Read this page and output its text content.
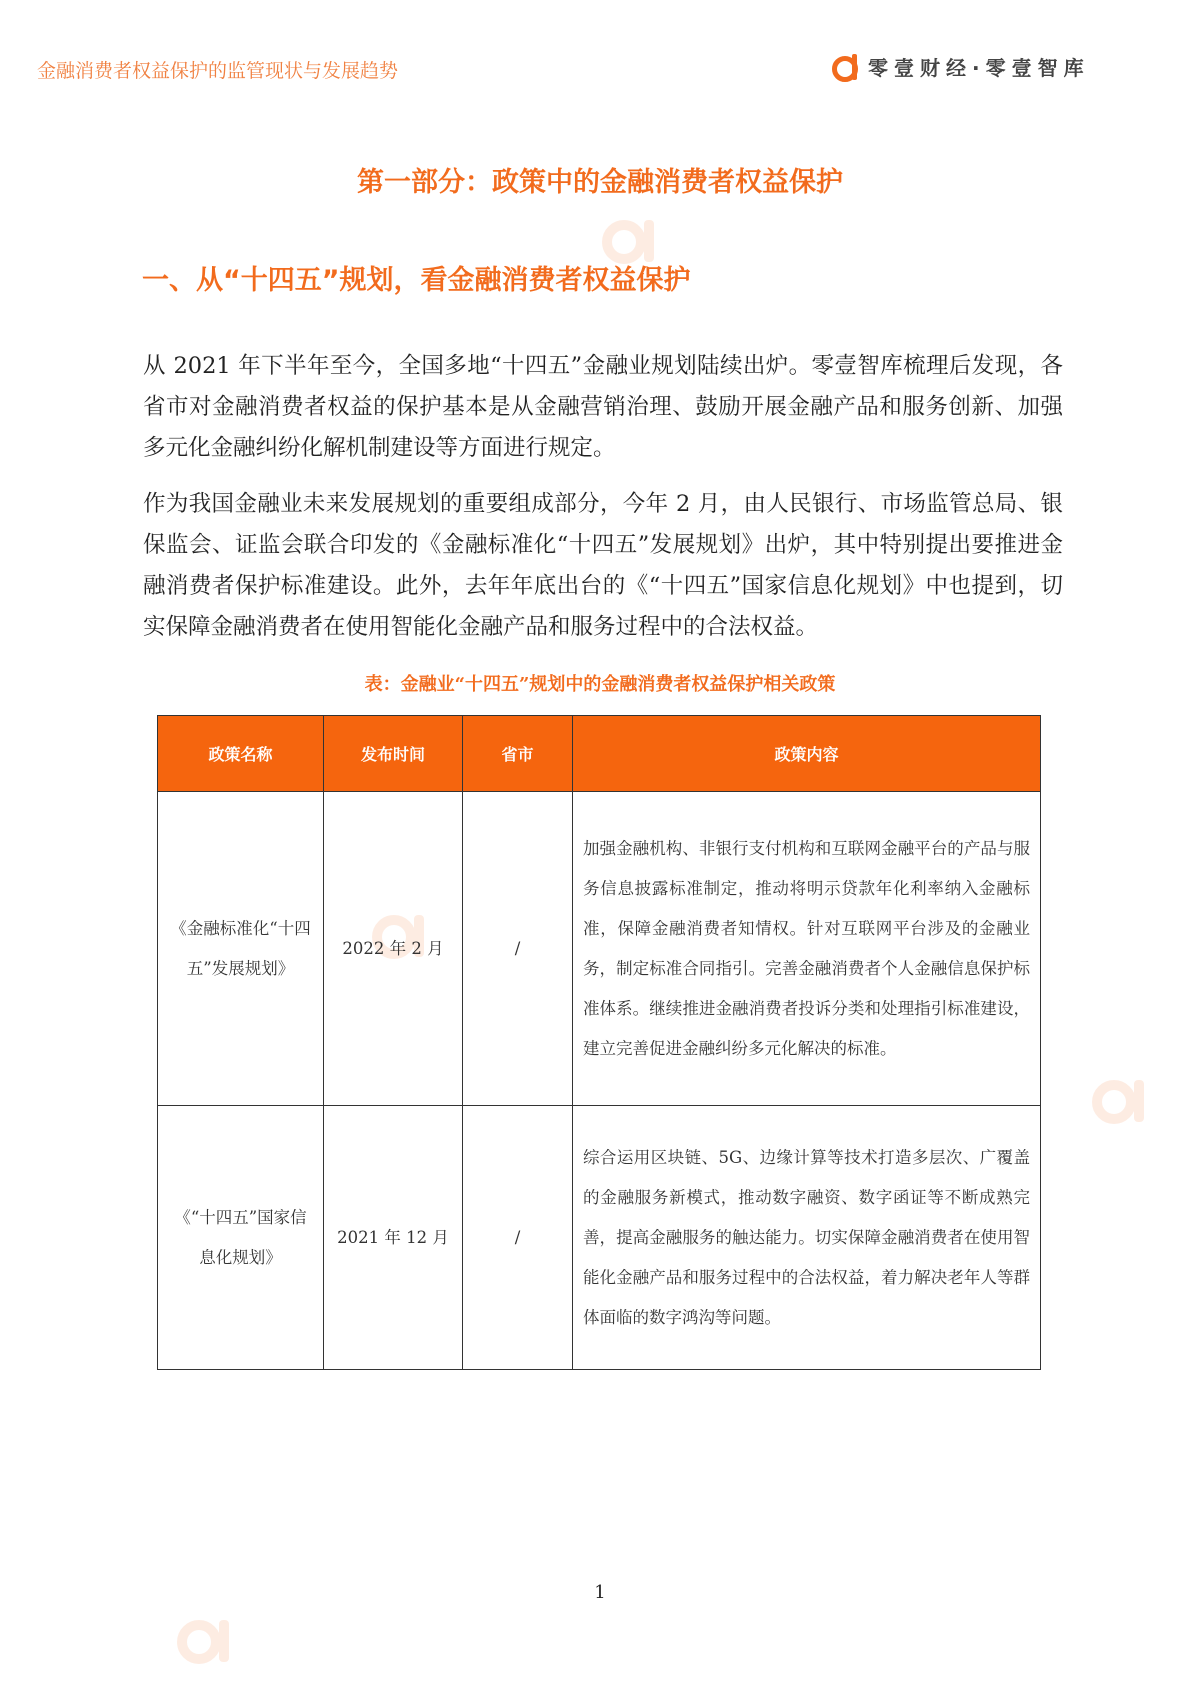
金融消费者权益保护的监管现状与发展趋势	零壹财经·零壹智库
第一部分：政策中的金融消费者权益保护
一、从“十四五”规划，看金融消费者权益保护
从 2021 年下半年至今，全国多地“十四五”金融业规划陆续出炉。零壹智库梳理后发现，各省市对金融消费者权益的保护基本是从金融营销治理、鼓励开展金融产品和服务创新、加强多元化金融纠纷化解机制建设等方面进行规定。
作为我国金融业未来发展规划的重要组成部分，今年 2 月，由人民银行、市场监管总局、银保监会、证监会联合印发的《金融标准化“十四五”发展规划》出炉，其中特别提出要推进金融消费者保护标准建设。此外，去年年底出台的《“十四五”国家信息化规划》中也提到，切实保障金融消费者在使用智能化金融产品和服务过程中的合法权益。
表：金融业“十四五”规划中的金融消费者权益保护相关政策
政策名称	发布时间	省市	政策内容
《金融标准化“十四五”发展规划》	2022 年 2 月	/	加强金融机构、非银行支付机构和互联网金融平台的产品与服务信息披露标准制定，推动将明示贷款年化利率纳入金融标准，保障金融消费者知情权。针对互联网平台涉及的金融业务，制定标准合同指引。完善金融消费者个人金融信息保护标准体系。继续推进金融消费者投诉分类和处理指引标准建设，建立完善促进金融纠纷多元化解决的标准。
《“十四五”国家信息化规划》	2021 年 12 月	/	综合运用区块链、5G、边缘计算等技术打造多层次、广覆盖的金融服务新模式，推动数字融资、数字函证等不断成熟完善，提高金融服务的触达能力。切实保障金融消费者在使用智能化金融产品和服务过程中的合法权益，着力解决老年人等群体面临的数字鸿沟等问题。
1
